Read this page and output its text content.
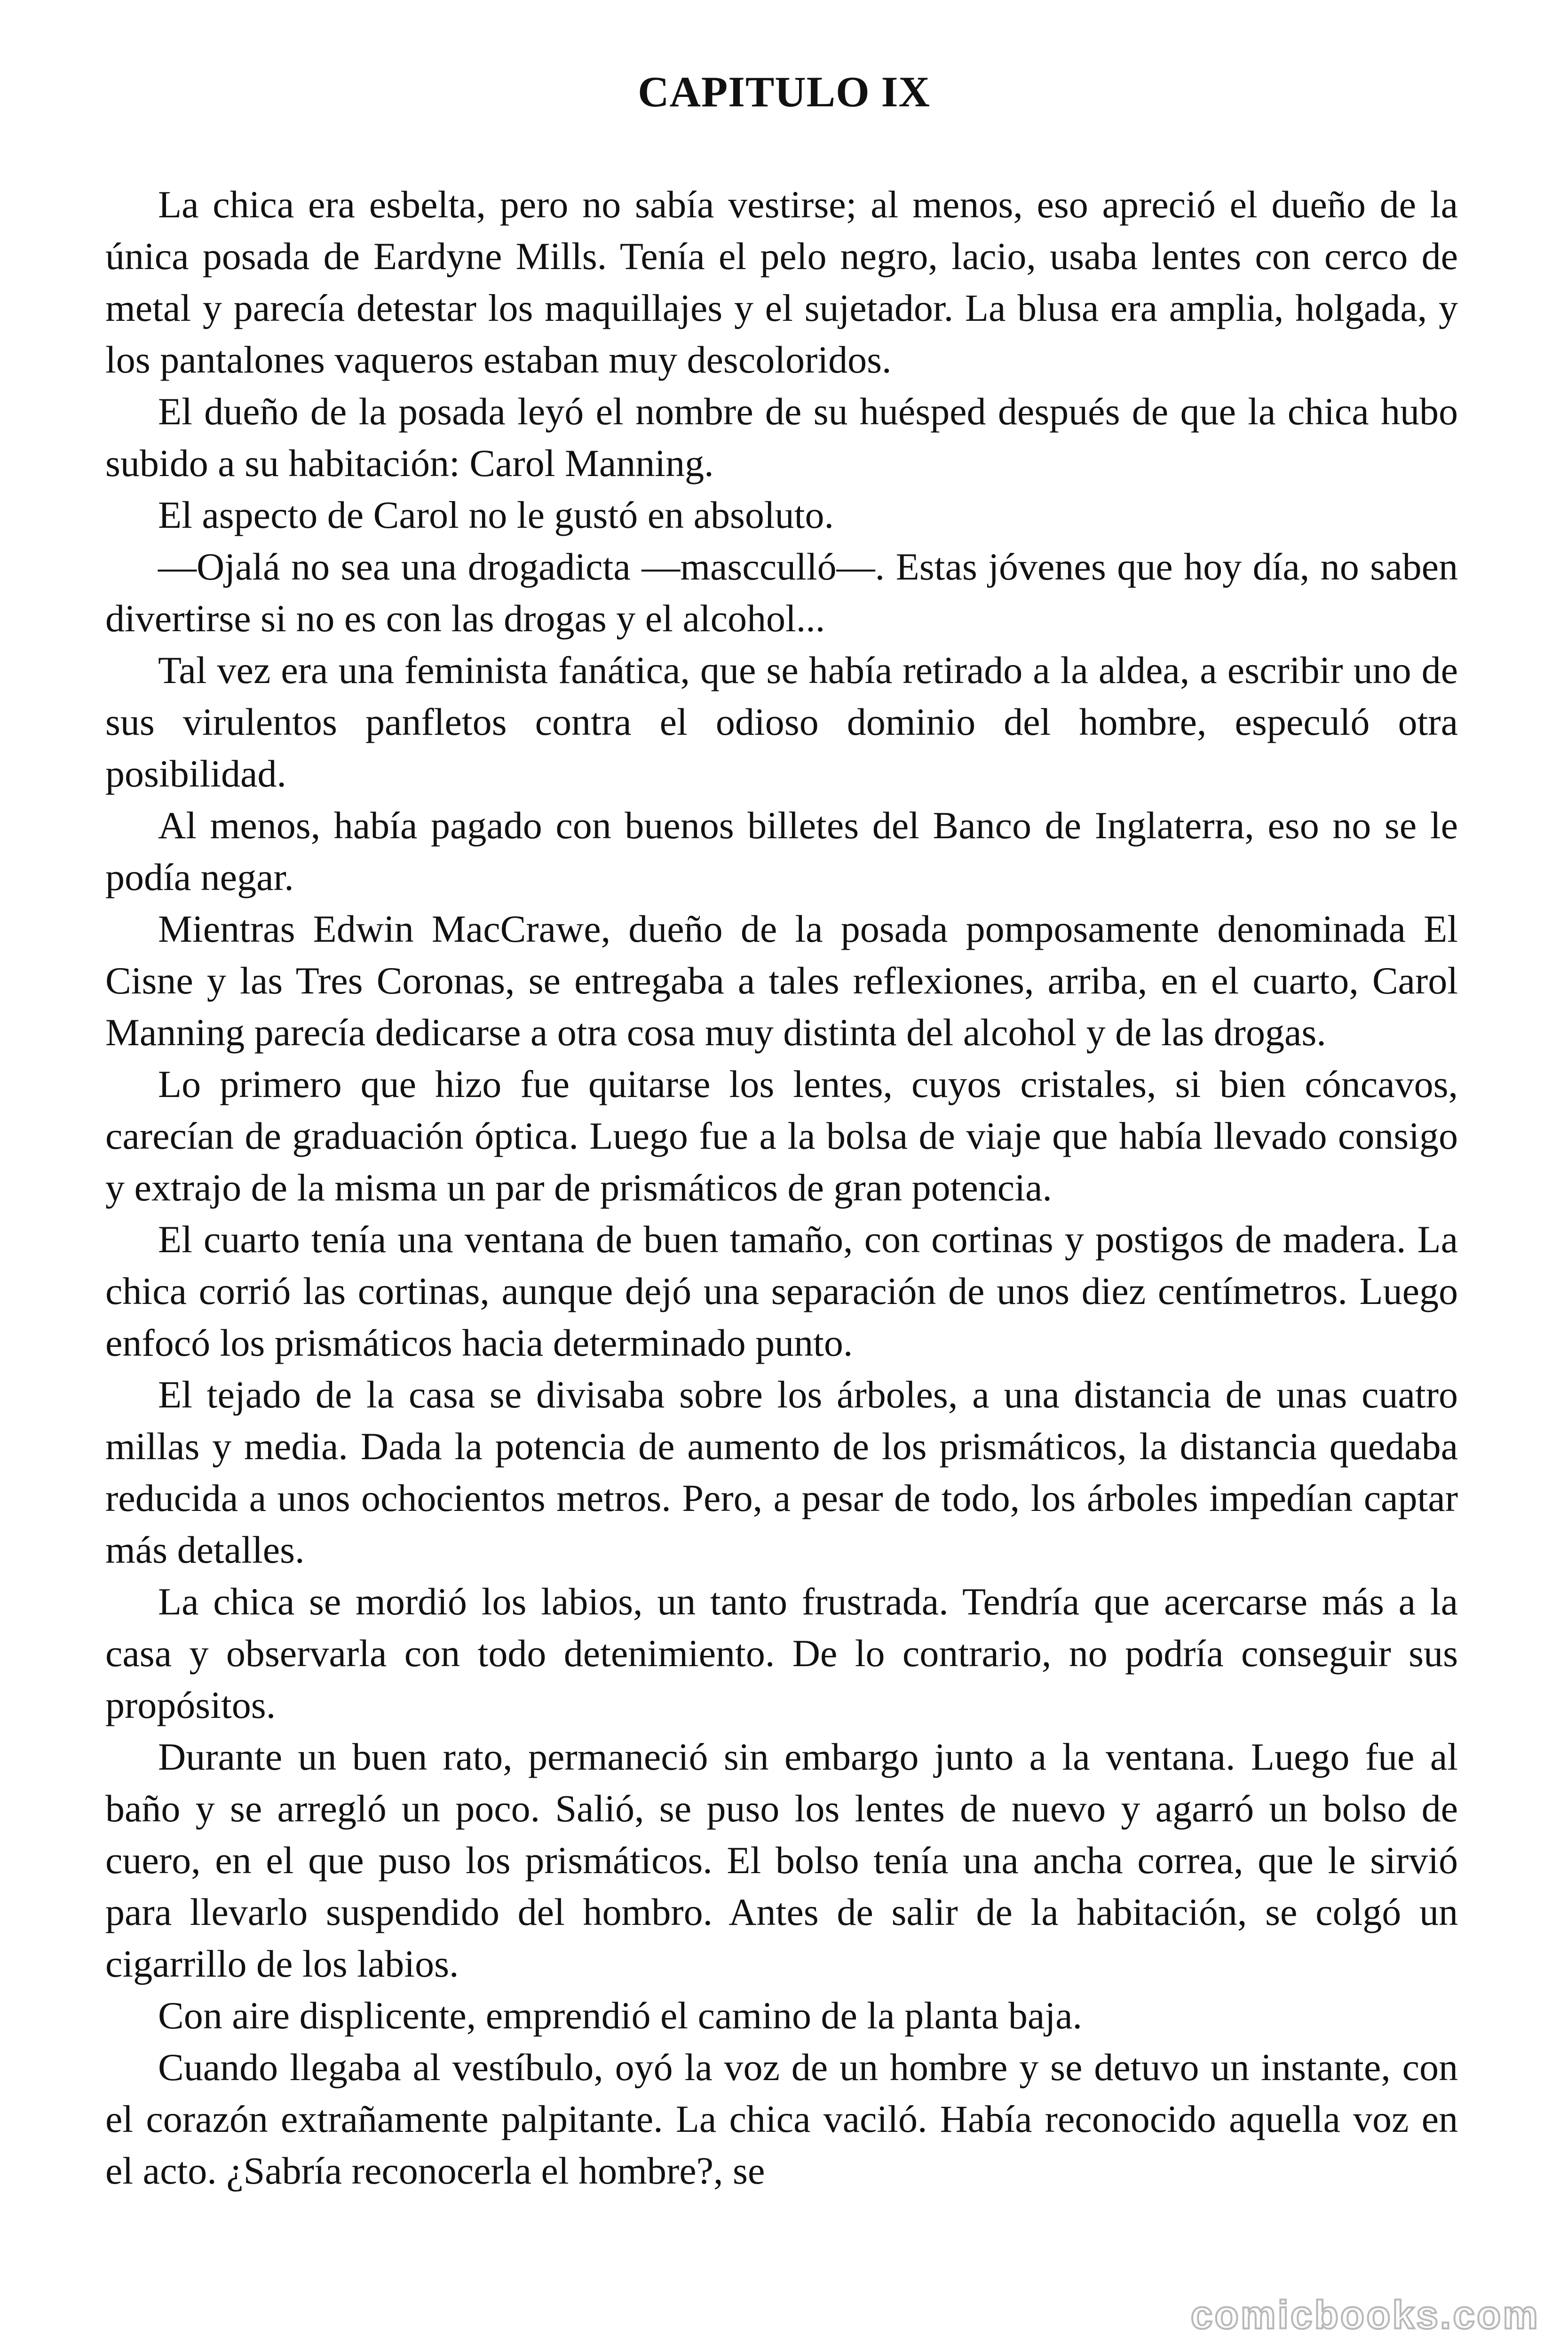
CAPITULO IX

La chica era esbelta, pero no sabía vestirse; al menos, eso apreció el dueño de la única posada de Eardyne Mills. Tenía el pelo negro, lacio, usaba lentes con cerco de metal y parecía detestar los maquillajes y el sujetador. La blusa era amplia, holgada, y los pantalones vaqueros estaban muy descoloridos.

El dueño de la posada leyó el nombre de su huésped después de que la chica hubo subido a su habitación: Carol Manning.

El aspecto de Carol no le gustó en absoluto.

—Ojalá no sea una drogadicta —mascculló—. Estas jóvenes que hoy día, no saben divertirse si no es con las drogas y el alcohol...

Tal vez era una feminista fanática, que se había retirado a la aldea, a escribir uno de sus virulentos panfletos contra el odioso dominio del hombre, especuló otra posibilidad.

Al menos, había pagado con buenos billetes del Banco de Inglaterra, eso no se le podía negar.

Mientras Edwin MacCrawe, dueño de la posada pomposamente denominada El Cisne y las Tres Coronas, se entregaba a tales reflexiones, arriba, en el cuarto, Carol Manning parecía dedicarse a otra cosa muy distinta del alcohol y de las drogas.

Lo primero que hizo fue quitarse los lentes, cuyos cristales, si bien cóncavos, carecían de graduación óptica. Luego fue a la bolsa de viaje que había llevado consigo y extrajo de la misma un par de prismáticos de gran potencia.

El cuarto tenía una ventana de buen tamaño, con cortinas y postigos de madera. La chica corrió las cortinas, aunque dejó una separación de unos diez centímetros. Luego enfocó los prismáticos hacia determinado punto.

El tejado de la casa se divisaba sobre los árboles, a una distancia de unas cuatro millas y media. Dada la potencia de aumento de los prismáticos, la distancia quedaba reducida a unos ochocientos metros. Pero, a pesar de todo, los árboles impedían captar más detalles.

La chica se mordió los labios, un tanto frustrada. Tendría que acercarse más a la casa y observarla con todo detenimiento. De lo contrario, no podría conseguir sus propósitos.

Durante un buen rato, permaneció sin embargo junto a la ventana. Luego fue al baño y se arregló un poco. Salió, se puso los lentes de nuevo y agarró un bolso de cuero, en el que puso los prismáticos. El bolso tenía una ancha correa, que le sirvió para llevarlo suspendido del hombro. Antes de salir de la habitación, se colgó un cigarrillo de los labios.

Con aire displicente, emprendió el camino de la planta baja.

Cuando llegaba al vestíbulo, oyó la voz de un hombre y se detuvo un instante, con el corazón extrañamente palpitante. La chica vaciló. Había reconocido aquella voz en el acto. ¿Sabría reconocerla el hombre?, se

comicbooks.com
